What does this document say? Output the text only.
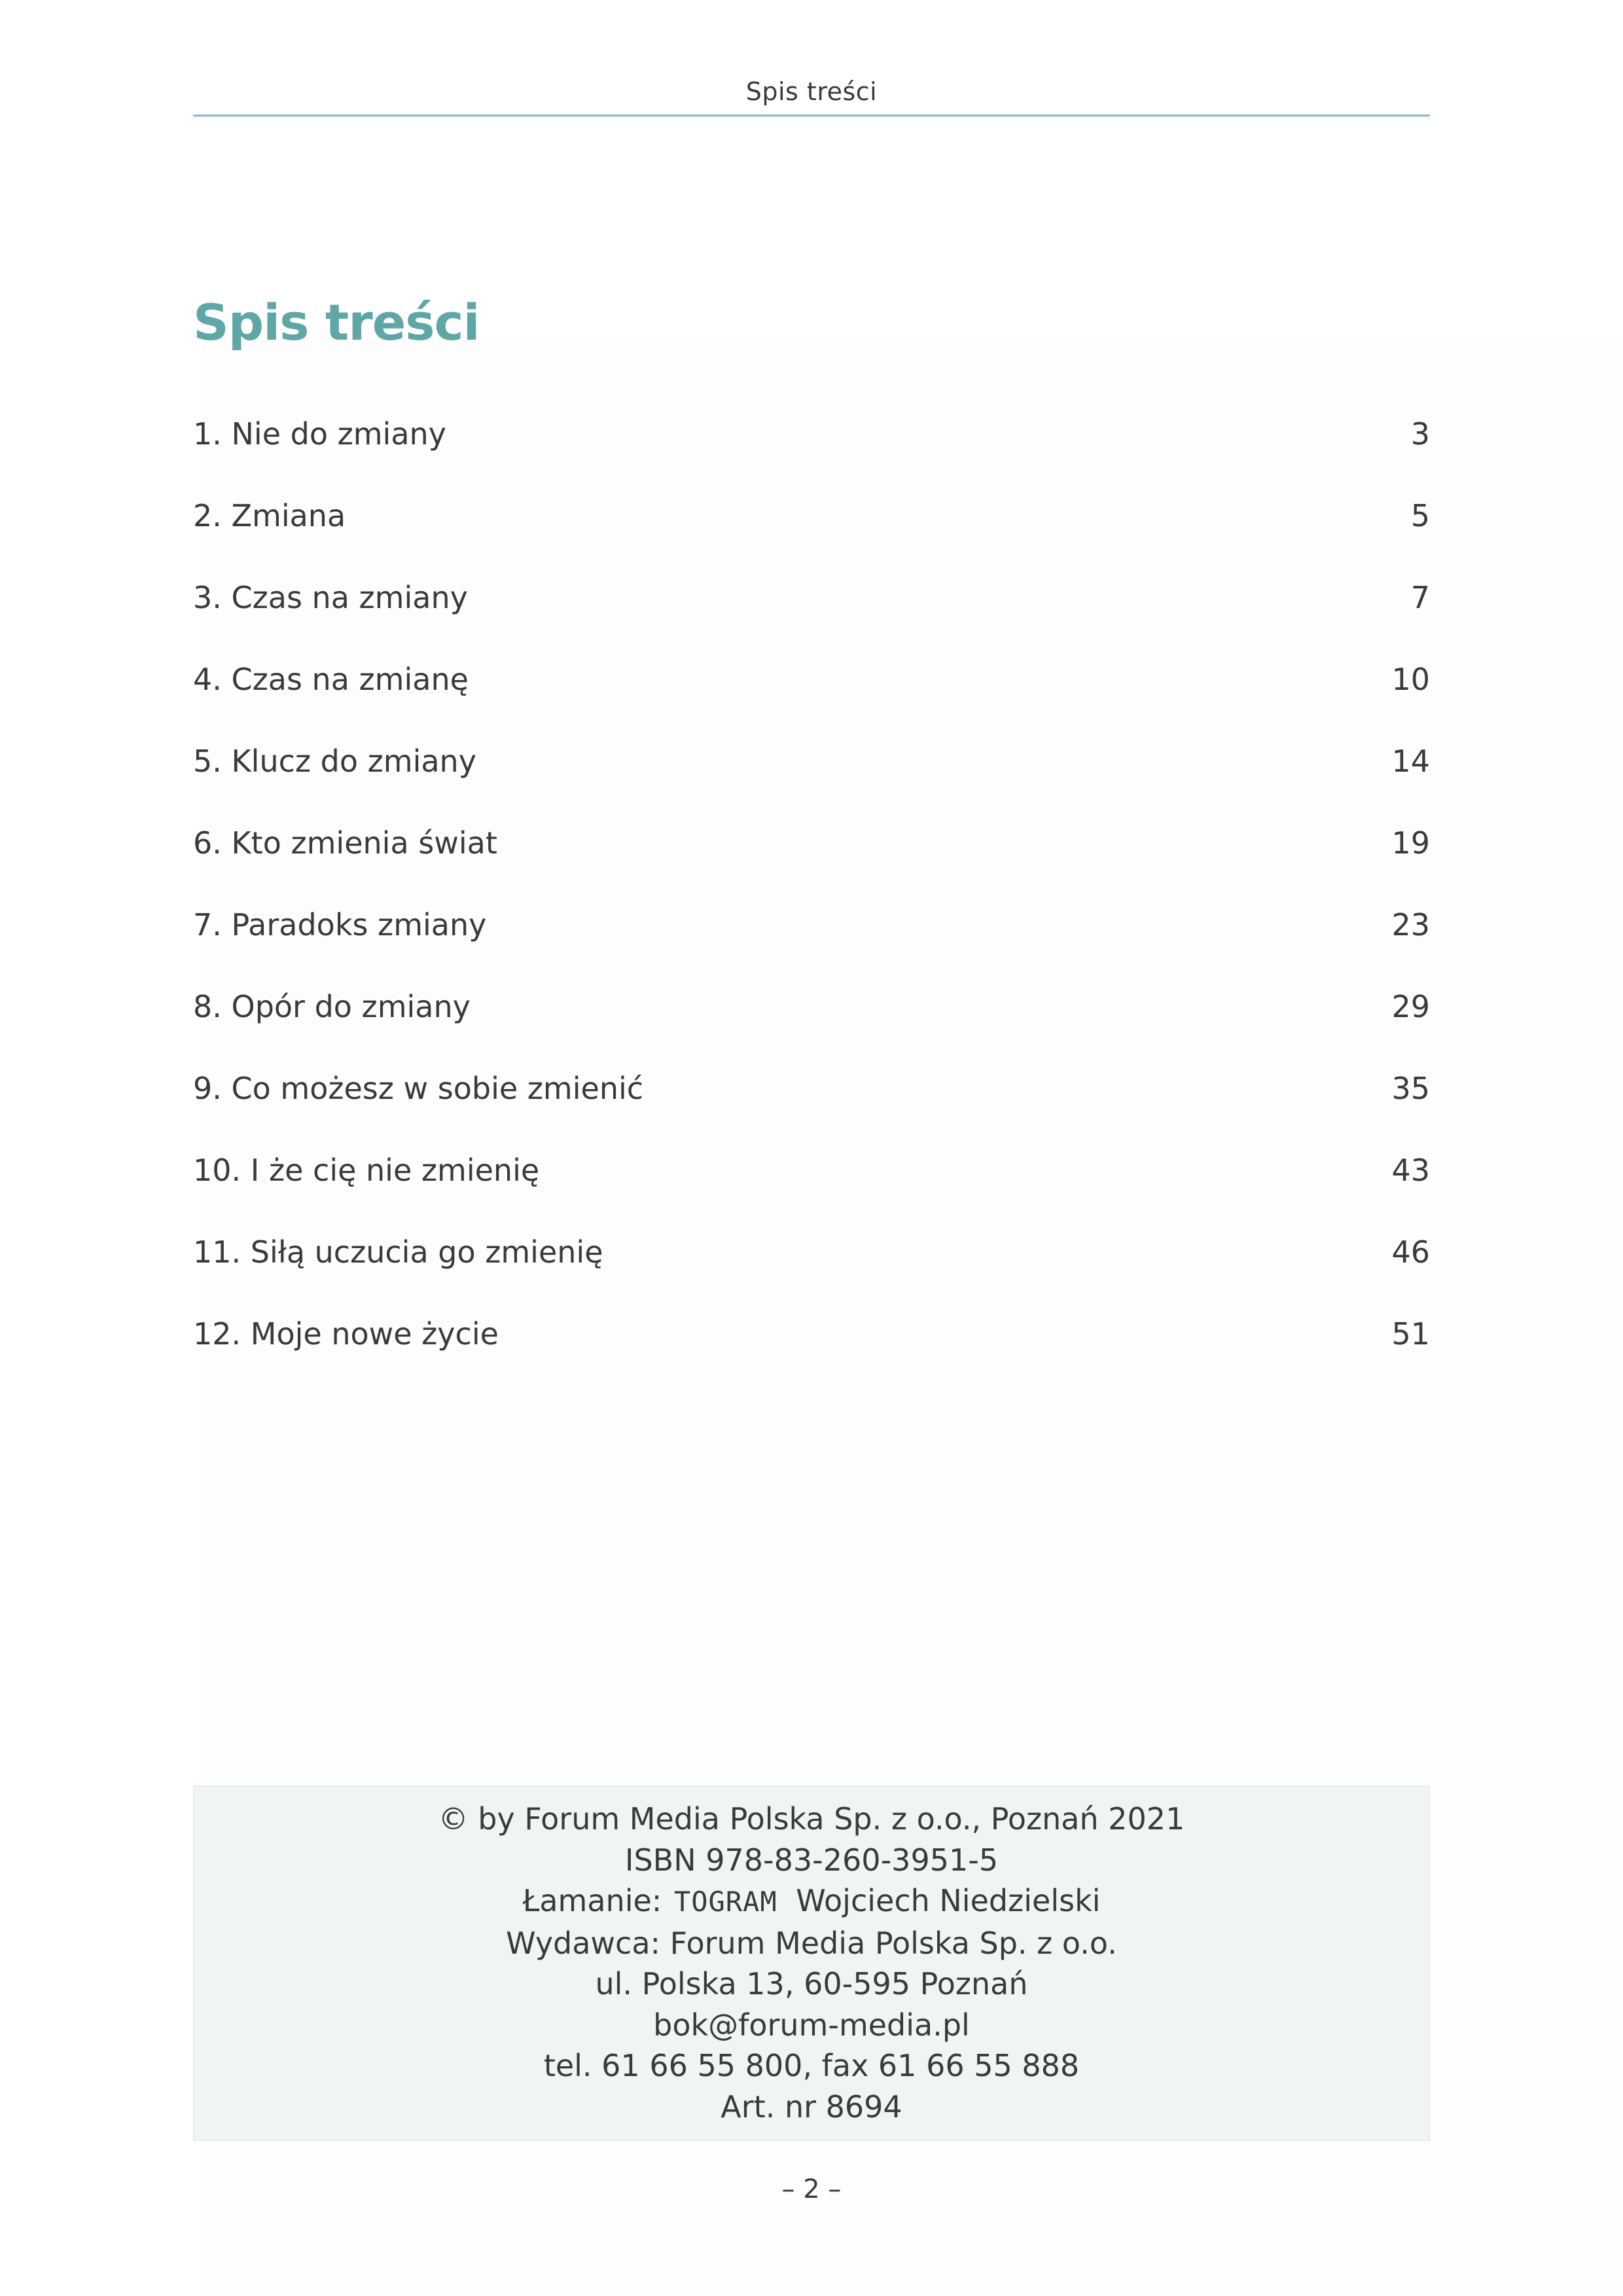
Spis treści
Spis treści
1. Nie do zmiany	3
2. Zmiana	5
3. Czas na zmiany	7
4. Czas na zmianę	10
5. Klucz do zmiany	14
6. Kto zmienia świat	19
7. Paradoks zmiany	23
8. Opór do zmiany	29
9. Co możesz w sobie zmienić	35
10. I że cię nie zmienię	43
11. Siłą uczucia go zmienię	46
12. Moje nowe życie	51
© by Forum Media Polska Sp. z o.o., Poznań 2021
ISBN 978-83-260-3951-5
Łamanie: TOGRAM Wojciech Niedzielski
Wydawca: Forum Media Polska Sp. z o.o.
ul. Polska 13, 60-595 Poznań
bok@forum-media.pl
tel. 61 66 55 800, fax 61 66 55 888
Art. nr 8694
– 2 –
